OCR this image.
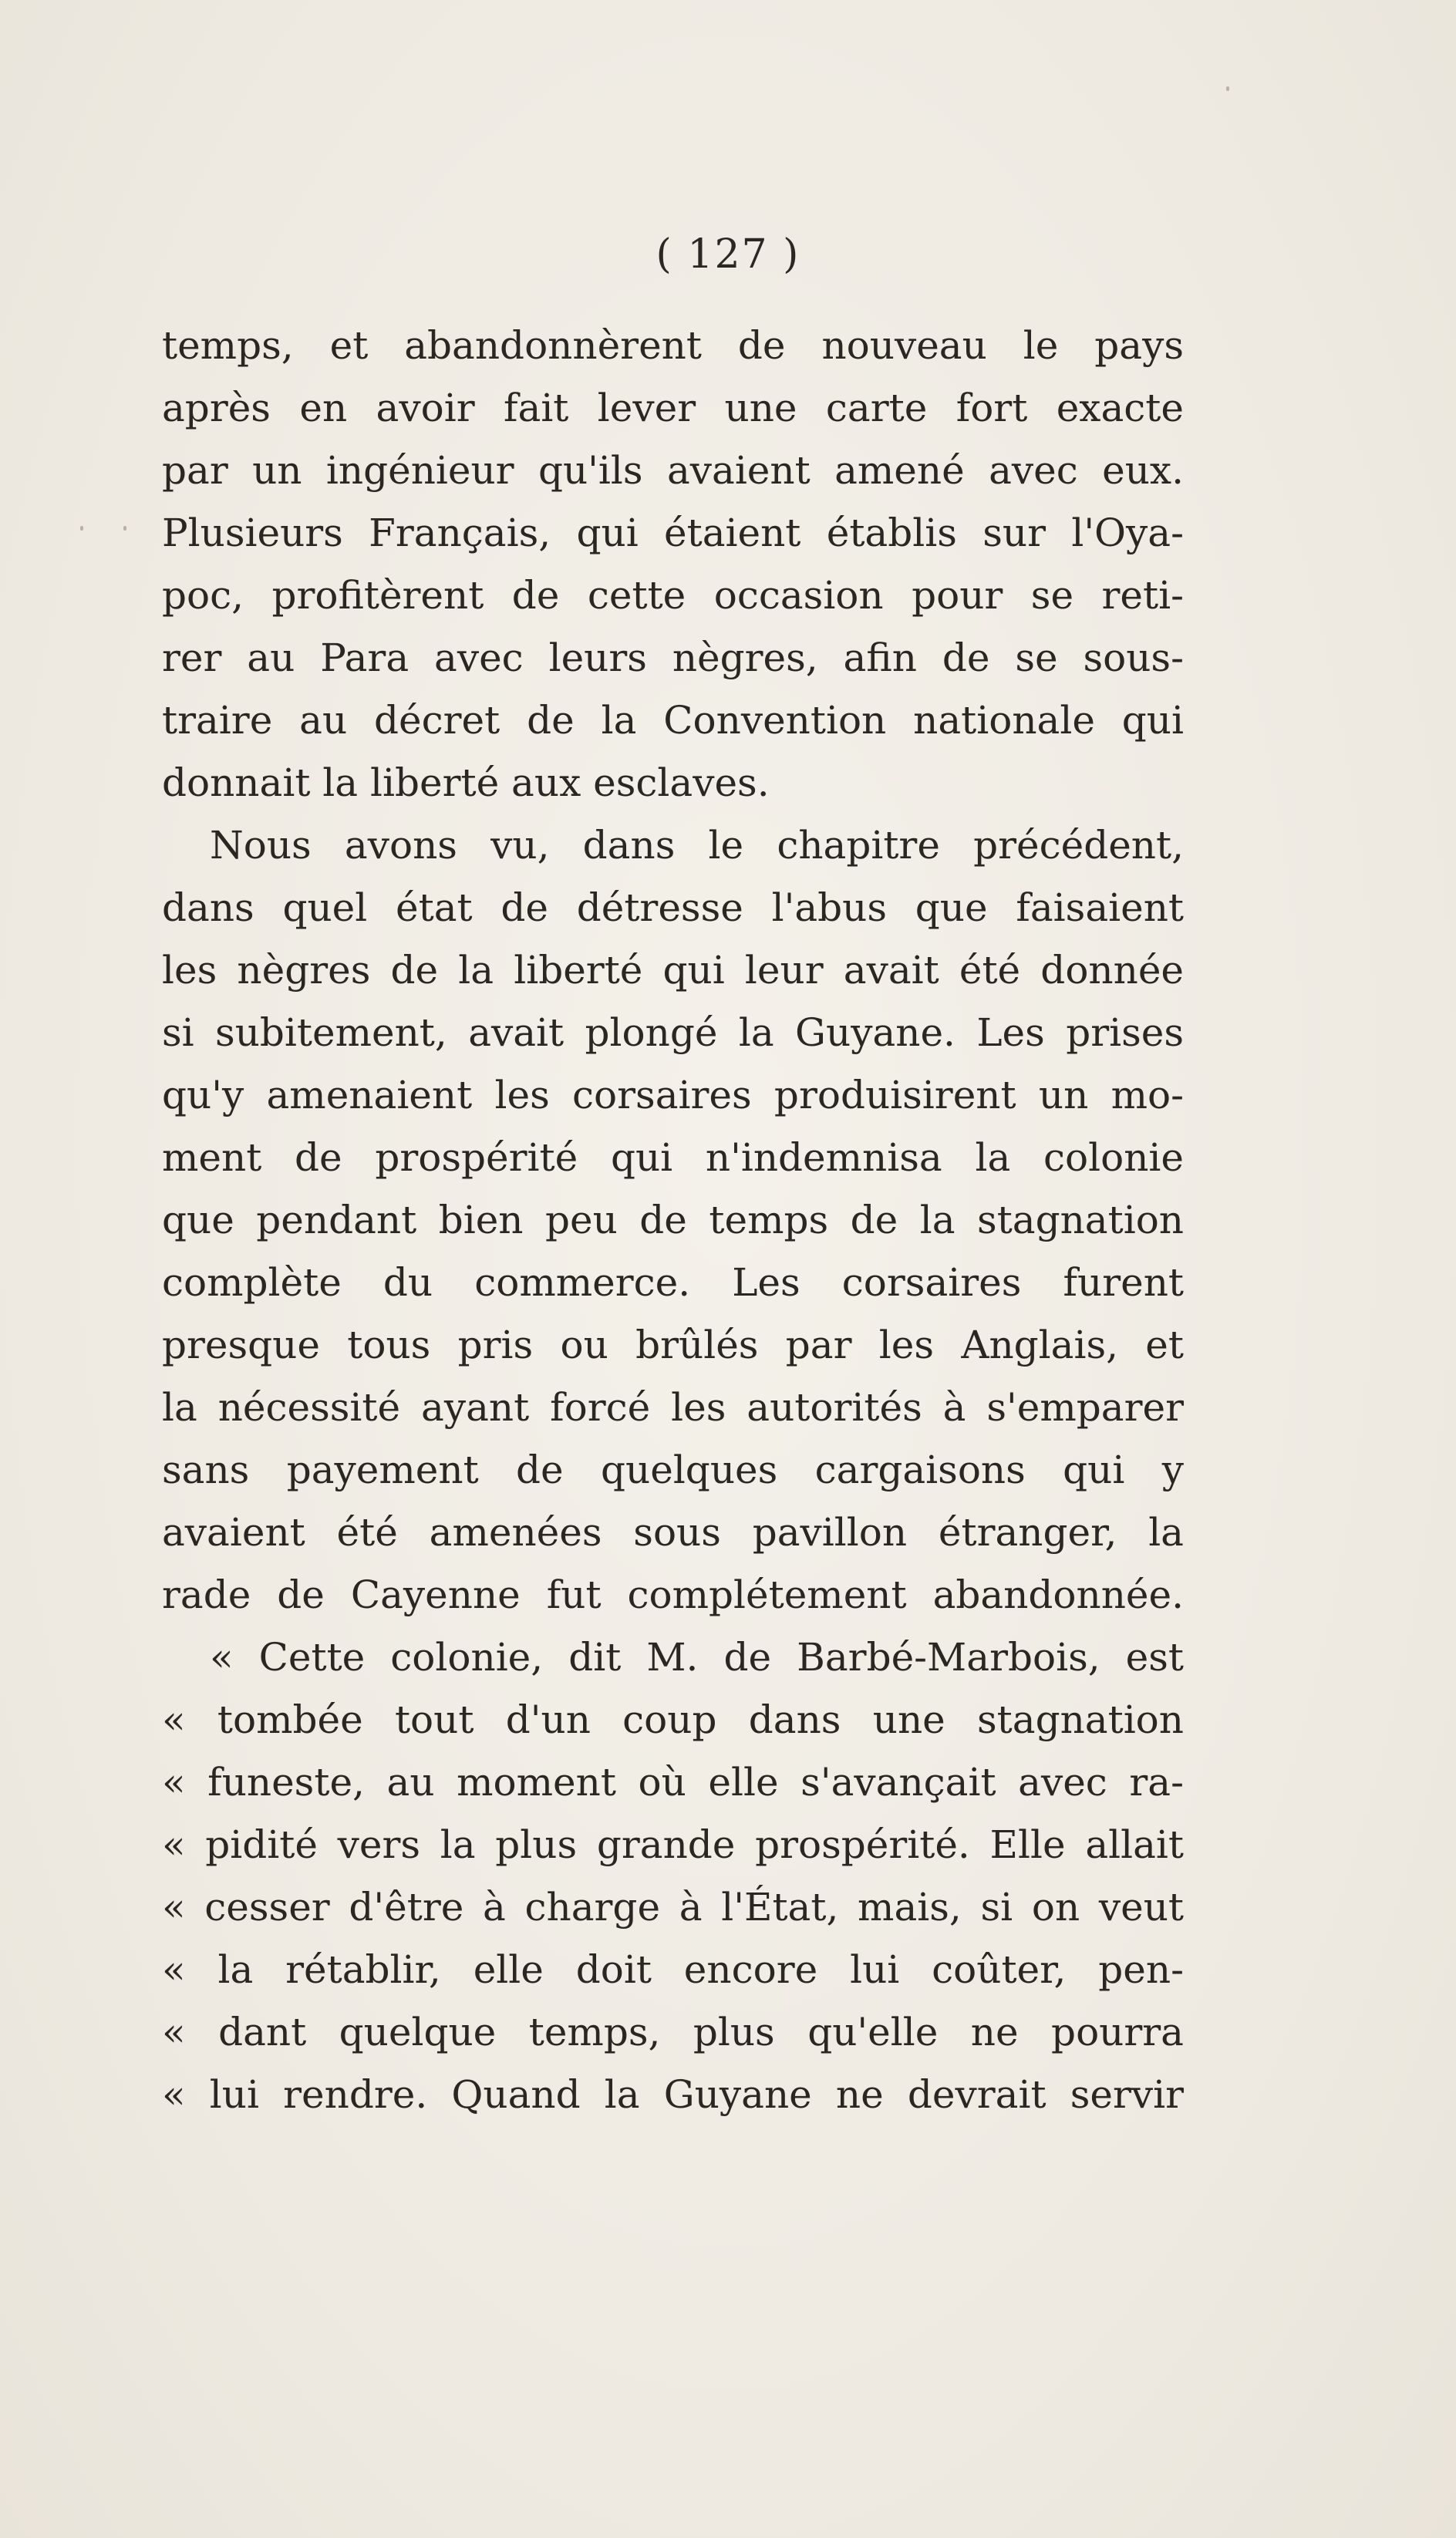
( 127 )
temps, et abandonnèrent de nouveau le pays
après en avoir fait lever une carte fort exacte
par un ingénieur qu'ils avaient amené avec eux.
Plusieurs Français, qui étaient établis sur l'Oya-
poc, profitèrent de cette occasion pour se reti-
rer au Para avec leurs nègres, afin de se sous-
traire au décret de la Convention nationale qui
donnait la liberté aux esclaves.
Nous avons vu, dans le chapitre précédent,
dans quel état de détresse l'abus que faisaient
les nègres de la liberté qui leur avait été donnée
si subitement, avait plongé la Guyane. Les prises
qu'y amenaient les corsaires produisirent un mo-
ment de prospérité qui n'indemnisa la colonie
que pendant bien peu de temps de la stagnation
complète du commerce. Les corsaires furent
presque tous pris ou brûlés par les Anglais, et
la nécessité ayant forcé les autorités à s'emparer
sans payement de quelques cargaisons qui y
avaient été amenées sous pavillon étranger, la
rade de Cayenne fut complétement abandonnée.
« Cette colonie, dit M. de Barbé-Marbois, est
« tombée tout d'un coup dans une stagnation
« funeste, au moment où elle s'avançait avec ra-
« pidité vers la plus grande prospérité. Elle allait
« cesser d'être à charge à l'État, mais, si on veut
« la rétablir, elle doit encore lui coûter, pen-
« dant quelque temps, plus qu'elle ne pourra
« lui rendre. Quand la Guyane ne devrait servir
